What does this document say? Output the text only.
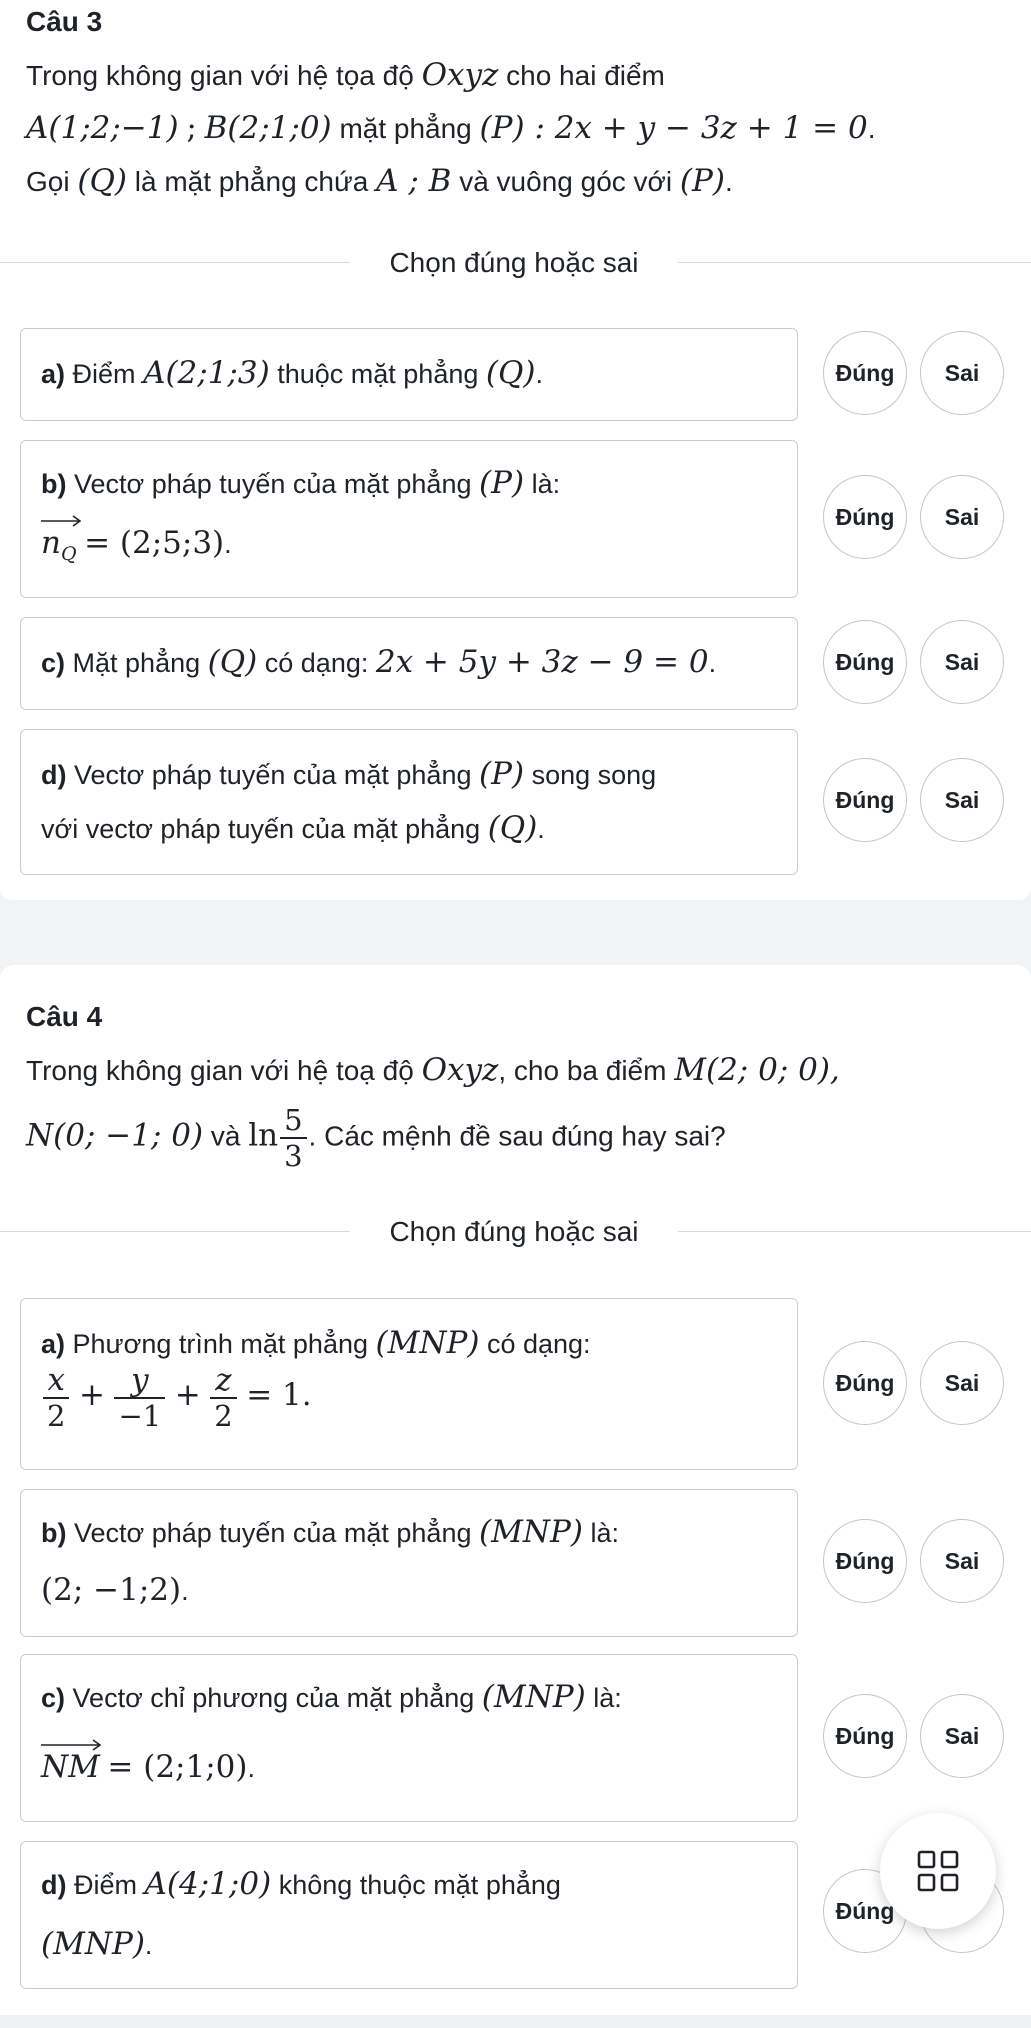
Câu 3
Trong không gian với hệ tọa độ Oxyz cho hai điểm
A(1;2;−1) ; B(2;1;0) mặt phẳng (P) : 2x + y − 3z + 1 = 0.
Gọi (Q) là mặt phẳng chứa A ; B và vuông góc với (P).
Chọn đúng hoặc sai
a) Điểm A(2;1;3) thuộc mặt phẳng (Q).	Đúng	Sai
b) Vectơ pháp tuyến của mặt phẳng (P) là:
$n_Q$ = (2;5;3).
Đúng	Sai
c) Mặt phẳng (Q) có dạng: 2x + 5y + 3z − 9 = 0.	Đúng	Sai
d) Vectơ pháp tuyến của mặt phẳng (P) song song
với vectơ pháp tuyến của mặt phẳng (Q).
Đúng	Sai
Câu 4
Trong không gian với hệ toạ độ Oxyz, cho ba điểm M(2; 0; 0),
N(0; −1; 0) và $\ln \frac{5}{3}$ . Các mệnh đề sau đúng hay sai?
Chọn đúng hoặc sai
a) Phương trình mặt phẳng (MNP) có dạng:
$\frac{x}{2} + \frac{y}{-1} + \frac{z}{2} = 1$.	Đúng	Sai
b) Vectơ pháp tuyến của mặt phẳng (MNP) là:
(2; −1;2).
Đúng	Sai
c) Vectơ chỉ phương của mặt phẳng (MNP) là:
NM = (2;1;0).
Đúng	Sai
d) Điểm A(4;1;0) không thuộc mặt phẳng
(MNP).
Đúng
